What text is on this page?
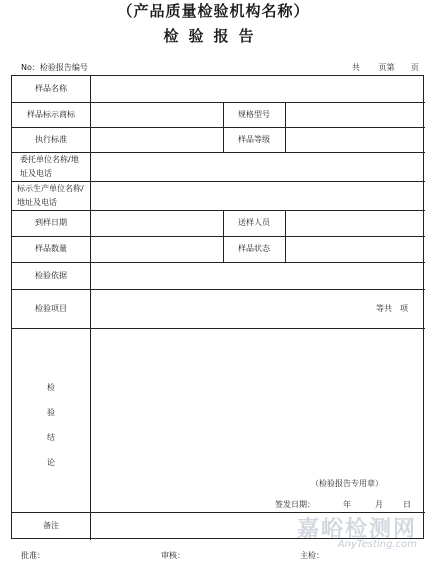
（产品质量检验机构名称）
检验报告
No：检验报告编号	共 页第 页
样品名称
样品标示商标	规格型号
执行标准	样品等级
委托单位名称/地址及电话
标示生产单位名称/地址及电话
到样日期	送样人员
样品数量	样品状态
检验依据
检验项目	等共　项
检
验
结
论
（检验报告专用章）
签发日期：	年	月	日
备注
批准：	审核：	主检：
嘉峪检测网
AnyTesting.com
